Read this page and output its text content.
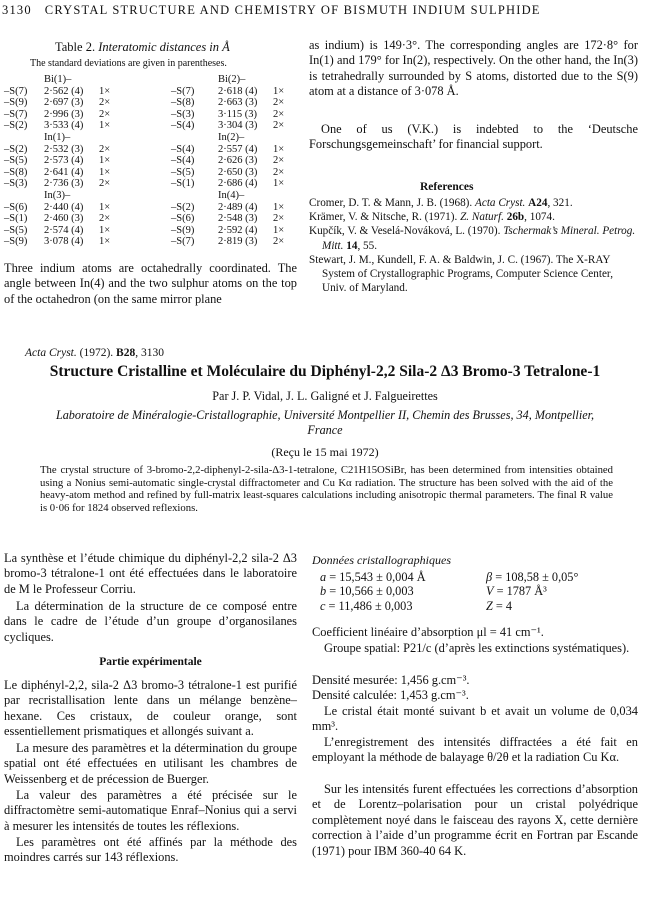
3130 CRYSTAL STRUCTURE AND CHEMISTRY OF BISMUTH INDIUM SULPHIDE
Table 2. Interatomic distances in Å
The standard deviations are given in parentheses.
	Bi(1)–			Bi(2)–	
–S(7)	2·562 (4)	1×	–S(7)	2·618 (4)	1×
–S(9)	2·697 (3)	2×	–S(8)	2·663 (3)	2×
–S(7)	2·996 (3)	2×	–S(3)	3·115 (3)	2×
–S(2)	3·533 (4)	1×	–S(4)	3·304 (3)	2×
	In(1)–			In(2)–	
–S(2)	2·532 (3)	2×	–S(4)	2·557 (4)	1×
–S(5)	2·573 (4)	1×	–S(4)	2·626 (3)	2×
–S(8)	2·641 (4)	1×	–S(5)	2·650 (3)	2×
–S(3)	2·736 (3)	2×	–S(1)	2·686 (4)	1×
	In(3)–			In(4)–	
–S(6)	2·440 (4)	1×	–S(2)	2·489 (4)	1×
–S(1)	2·460 (3)	2×	–S(6)	2·548 (3)	2×
–S(5)	2·574 (4)	1×	–S(9)	2·592 (4)	1×
–S(9)	3·078 (4)	1×	–S(7)	2·819 (3)	2×
Three indium atoms are octahedrally coordinated. The angle between In(4) and the two sulphur atoms on the top of the octahedron (on the same mirror plane
as indium) is 149·3°. The corresponding angles are 172·8° for In(1) and 179° for In(2), respectively. On the other hand, the In(3) is tetrahedrally surrounded by S atoms, distorted due to the S(9) atom at a distance of 3·078 Å.
One of us (V.K.) is indebted to the ‘Deutsche Forschungsgemeinschaft’ for financial support.
References
Cromer, D. T. & Mann, J. B. (1968). Acta Cryst. A24, 321.
Krämer, V. & Nitsche, R. (1971). Z. Naturf. 26b, 1074.
Kupčík, V. & Veselá-Nováková, L. (1970). Tschermak’s Mineral. Petrog. Mitt. 14, 55.
Stewart, J. M., Kundell, F. A. & Baldwin, J. C. (1967). The X-RAY System of Crystallographic Programs, Computer Science Center, Univ. of Maryland.
Acta Cryst. (1972). B28, 3130
Structure Cristalline et Moléculaire du Diphényl-2,2 Sila-2 Δ3 Bromo-3 Tetralone-1
Par J. P. Vidal, J. L. Galigné et J. Falgueirettes
Laboratoire de Minéralogie-Cristallographie, Université Montpellier II, Chemin des Brusses, 34, Montpellier, France
(Reçu le 15 mai 1972)
The crystal structure of 3-bromo-2,2-diphenyl-2-sila-Δ3-1-tetralone, C21H15OSiBr, has been determined from intensities obtained using a Nonius semi-automatic single-crystal diffractometer and Cu Kα radiation. The structure has been solved with the aid of the heavy-atom method and refined by full-matrix least-squares calculations including anisotropic thermal parameters. The final R value is 0·06 for 1824 observed reflexions.
La synthèse et l’étude chimique du diphényl-2,2 sila-2 Δ3 bromo-3 tétralone-1 ont été effectuées dans le laboratoire de M le Professeur Corriu.
La détermination de la structure de ce composé entre dans le cadre de l’étude d’un groupe d’organosilanes cycliques.
Partie expérimentale
Le diphényl-2,2, sila-2 Δ3 bromo-3 tétralone-1 est purifié par recristallisation lente dans un mélange benzène–hexane. Ces cristaux, de couleur orange, sont essentiellement prismatiques et allongés suivant a.
La mesure des paramètres et la détermination du groupe spatial ont été effectuées en utilisant les chambres de Weissenberg et de précession de Buerger.
La valeur des paramètres a été précisée sur le diffractomètre semi-automatique Enraf–Nonius qui a servi à mesurer les intensités de toutes les réflexions.
Les paramètres ont été affinés par la méthode des moindres carrés sur 143 réflexions.
Données cristallographiques
a = 15,543 ± 0,004 Å	β = 108,58 ± 0,05°
b = 10,566 ± 0,003	V = 1787 Å³
c = 11,486 ± 0,003	Z = 4
Coefficient linéaire d’absorption μl = 41 cm⁻¹.
Groupe spatial: P21/c (d’après les extinctions systématiques).
Densité mesurée: 1,456 g.cm⁻³.
Densité calculée: 1,453 g.cm⁻³.
Le cristal était monté suivant b et avait un volume de 0,034 mm³.
L’enregistrement des intensités diffractées a été fait en employant la méthode de balayage θ/2θ et la radiation Cu Kα.
Sur les intensités furent effectuées les corrections d’absorption et de Lorentz–polarisation pour un cristal polyédrique complètement noyé dans le faisceau des rayons X, cette dernière correction à l’aide d’un programme écrit en Fortran par Escande (1971) pour IBM 360-40 64 K.
